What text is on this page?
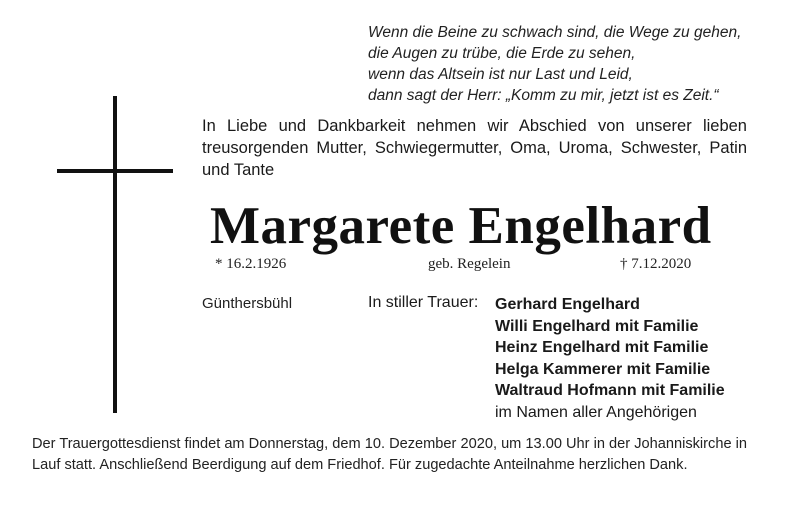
Wenn die Beine zu schwach sind, die Wege zu gehen,
die Augen zu trübe, die Erde zu sehen,
wenn das Altsein ist nur Last und Leid,
dann sagt der Herr: „Komm zu mir, jetzt ist es Zeit.“
In Liebe und Dankbarkeit nehmen wir Abschied von unserer lieben treusorgenden Mutter, Schwiegermutter, Oma, Uroma, Schwester, Patin und Tante
Margarete Engelhard
* 16.2.1926	geb. Regelein	† 7.12.2020
Günthersbühl	In stiller Trauer: Gerhard Engelhard
Willi Engelhard mit Familie
Heinz Engelhard mit Familie
Helga Kammerer mit Familie
Waltraud Hofmann mit Familie
im Namen aller Angehörigen
Der Trauergottesdienst findet am Donnerstag, dem 10. Dezember 2020, um 13.00 Uhr in der Johanniskirche in Lauf statt. Anschließend Beerdigung auf dem Friedhof. Für zugedachte Anteilnahme herzlichen Dank.
